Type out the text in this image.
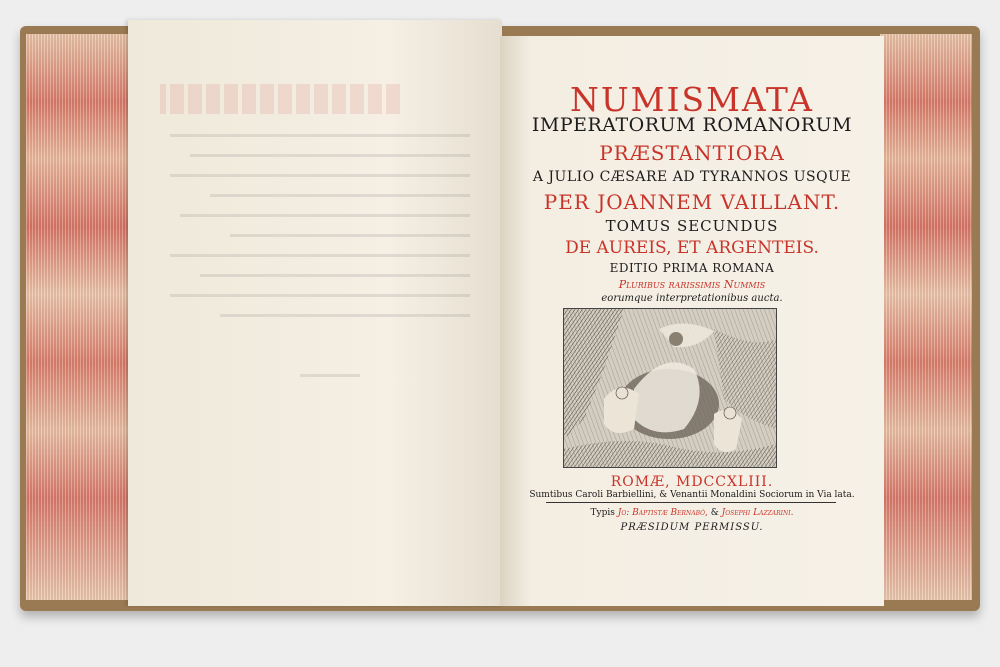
NUMISMATA
IMPERATORUM ROMANORUM
PRÆSTANTIORA
A JULIO CÆSARE AD TYRANNOS USQUE
PER JOANNEM VAILLANT.
TOMUS SECUNDUS
DE AUREIS, ET ARGENTEIS.
EDITIO PRIMA ROMANA
Pluribus rarissimis Nummis
eorumque interpretationibus aucta.
ROMÆ, MDCCXLIII.
Sumtibus Caroli Barbiellini, & Venantii Monaldini Sociorum in Via lata.
Typis Jo: Baptistæ Bernabò, & Josephi Lazzarini.
PRÆSIDUM PERMISSU.
